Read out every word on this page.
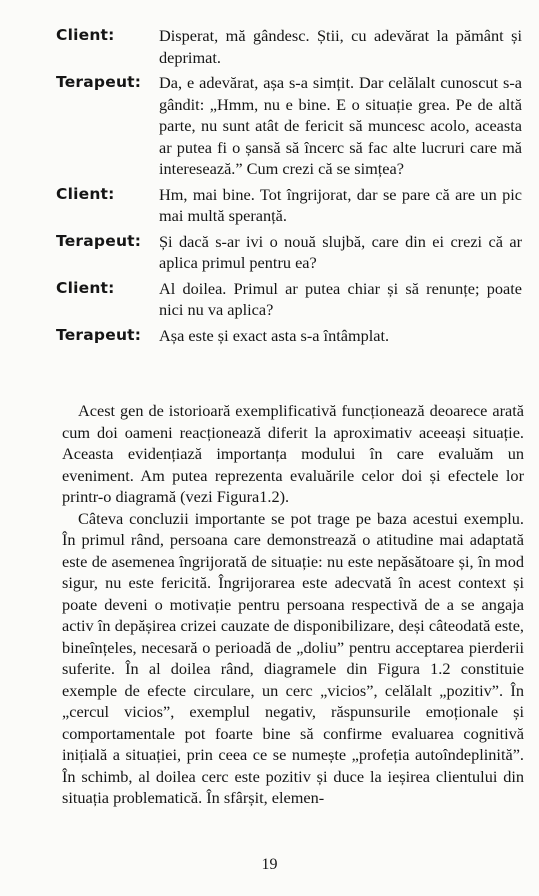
Client:	Disperat, mă gândesc. Știi, cu adevărat la pământ și deprimat.
Terapeut:	Da, e adevărat, așa s-a simțit. Dar celălalt cunoscut s-a gândit: „Hmm, nu e bine. E o situație grea. Pe de altă parte, nu sunt atât de fericit să muncesc acolo, aceasta ar putea fi o șansă să încerc să fac alte lucruri care mă interesează.” Cum crezi că se simțea?
Client:	Hm, mai bine. Tot îngrijorat, dar se pare că are un pic mai multă speranță.
Terapeut:	Și dacă s-ar ivi o nouă slujbă, care din ei crezi că ar aplica primul pentru ea?
Client:	Al doilea. Primul ar putea chiar și să renunțe; poate nici nu va aplica?
Terapeut:	Așa este și exact asta s-a întâmplat.

Acest gen de istorioară exemplificativă funcționează deoarece arată cum doi oameni reacționează diferit la aproximativ aceeași situație. Aceasta evidențiază importanța modului în care evaluăm un eveniment. Am putea reprezenta evaluările celor doi și efectele lor printr-o diagramă (vezi Figura1.2).

Câteva concluzii importante se pot trage pe baza acestui exemplu. În primul rând, persoana care demonstrează o atitudine mai adaptată este de asemenea îngrijorată de situație: nu este nepăsătoare și, în mod sigur, nu este fericită. Îngrijorarea este adecvată în acest context și poate deveni o motivație pentru persoana respectivă de a se angaja activ în depășirea crizei cauzate de disponibilizare, deși câteodată este, bineînțeles, necesară o perioadă de „doliu” pentru acceptarea pierderii suferite. În al doilea rând, diagramele din Figura 1.2 constituie exemple de efecte circulare, un cerc „vicios”, celălalt „pozitiv”. În „cercul vicios”, exemplul negativ, răspunsurile emoționale și comportamentale pot foarte bine să confirme evaluarea cognitivă inițială a situației, prin ceea ce se numește „profeția autoîndeplinită”. În schimb, al doilea cerc este pozitiv și duce la ieșirea clientului din situația problematică. În sfârșit, elemen-

19
